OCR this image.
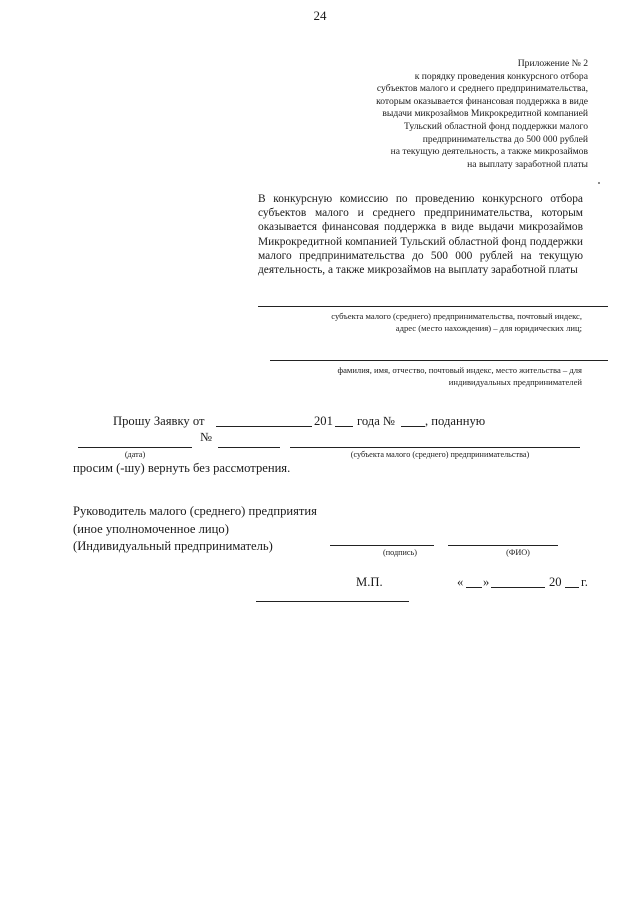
24
Приложение № 2
к порядку проведения конкурсного отбора
субъектов малого и среднего предпринимательства,
которым оказывается финансовая поддержка в виде
выдачи микрозаймов Микрокредитной компанией
Тульский областной фонд поддержки малого
предпринимательства до 500 000 рублей
на текущую деятельность, а также микрозаймов
на выплату заработной платы
В конкурсную комиссию по проведению конкурсного отбора субъектов малого и среднего предпринимательства, которым оказывается финансовая поддержка в виде выдачи микрозаймов Микрокредитной компанией Тульский областной фонд поддержки малого предпринимательства до 500 000 рублей на текущую деятельность, а также микрозаймов на выплату заработной платы
субъекта малого (среднего) предпринимательства, почтовый индекс,
адрес (место нахождения) – для юридических лиц;
фамилия, имя, отчество, почтовый индекс, место жительства – для
индивидуальных предпринимателей
Прошу Заявку от	201 года № , поданную
№
(дата)	(субъекта малого (среднего) предпринимательства)
просим (-шу) вернуть без рассмотрения.
Руководитель малого (среднего) предприятия
(иное уполномоченное лицо)
(Индивидуальный предприниматель)	(подпись)	(ФИО)
М.П.	« »	20 г.
